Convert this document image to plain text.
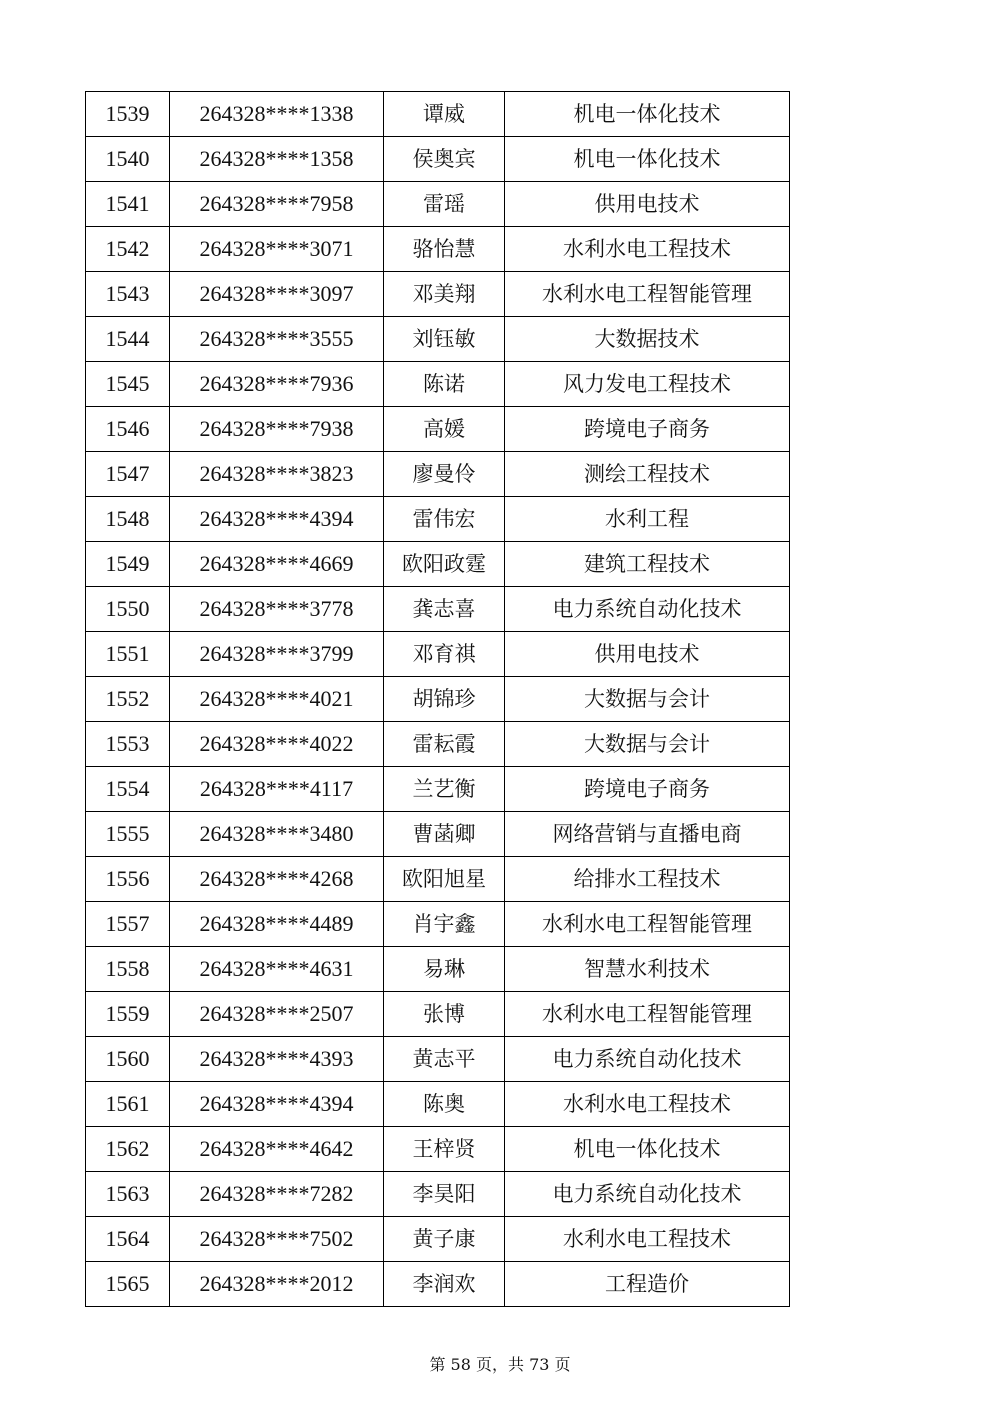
1539	264328****1338	谭威	机电一体化技术
1540	264328****1358	侯奥宾	机电一体化技术
1541	264328****7958	雷瑶	供用电技术
1542	264328****3071	骆怡慧	水利水电工程技术
1543	264328****3097	邓美翔	水利水电工程智能管理
1544	264328****3555	刘钰敏	大数据技术
1545	264328****7936	陈诺	风力发电工程技术
1546	264328****7938	高媛	跨境电子商务
1547	264328****3823	廖曼伶	测绘工程技术
1548	264328****4394	雷伟宏	水利工程
1549	264328****4669	欧阳政霆	建筑工程技术
1550	264328****3778	龚志喜	电力系统自动化技术
1551	264328****3799	邓育祺	供用电技术
1552	264328****4021	胡锦珍	大数据与会计
1553	264328****4022	雷耘霞	大数据与会计
1554	264328****4117	兰艺衡	跨境电子商务
1555	264328****3480	曹菡卿	网络营销与直播电商
1556	264328****4268	欧阳旭星	给排水工程技术
1557	264328****4489	肖宇鑫	水利水电工程智能管理
1558	264328****4631	易琳	智慧水利技术
1559	264328****2507	张博	水利水电工程智能管理
1560	264328****4393	黄志平	电力系统自动化技术
1561	264328****4394	陈奥	水利水电工程技术
1562	264328****4642	王梓贤	机电一体化技术
1563	264328****7282	李昊阳	电力系统自动化技术
1564	264328****7502	黄子康	水利水电工程技术
1565	264328****2012	李润欢	工程造价
第 58 页，共 73 页
